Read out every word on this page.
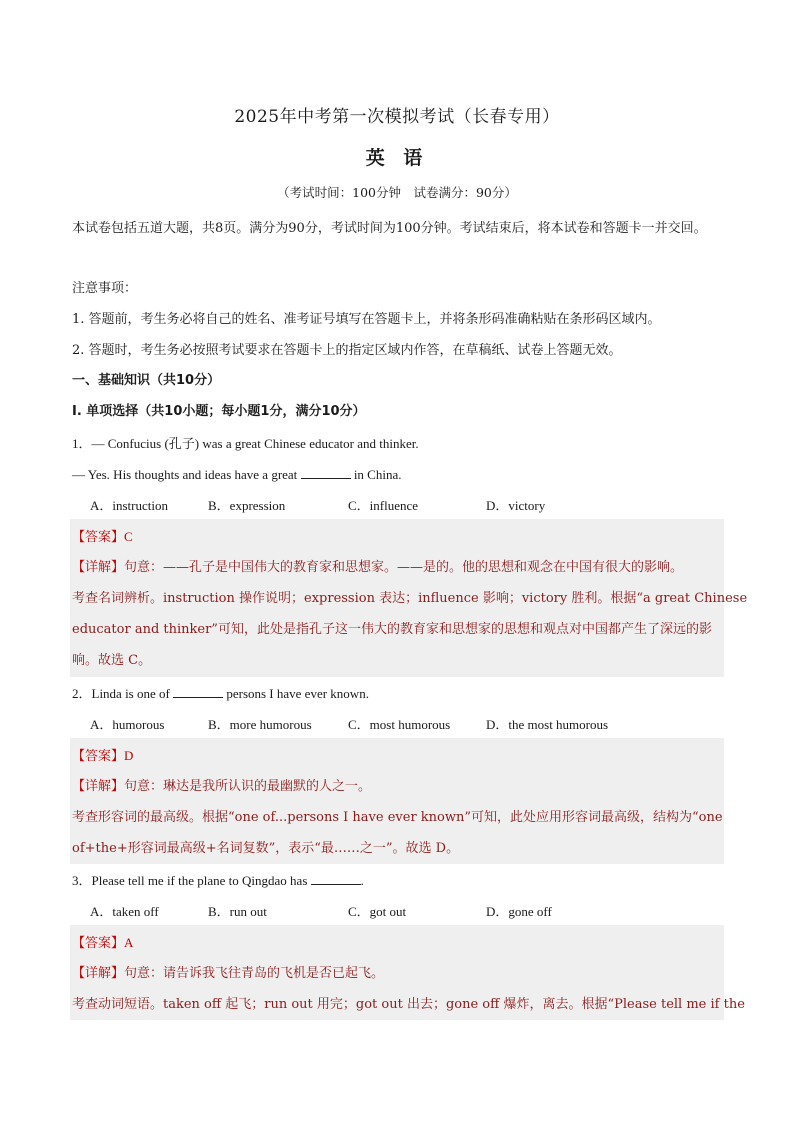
2025年中考第一次模拟考试（长春专用）
英 语
（考试时间：100分钟　试卷满分：90分）
本试卷包括五道大题，共8页。满分为90分，考试时间为100分钟。考试结束后，将本试卷和答题卡一并交回。
注意事项：
1. 答题前，考生务必将自己的姓名、准考证号填写在答题卡上，并将条形码准确粘贴在条形码区域内。
2. 答题时，考生务必按照考试要求在答题卡上的指定区域内作答，在草稿纸、试卷上答题无效。
一、基础知识（共10分）
Ⅰ. 单项选择（共10小题；每小题1分，满分10分）
1．— Confucius (孔子) was a great Chinese educator and thinker.
— Yes. His thoughts and ideas have a great	in China.
A．instruction	B．expression	C．influence	D．victory
【答案】C
【详解】句意：——孔子是中国伟大的教育家和思想家。——是的。他的思想和观念在中国有很大的影响。
考查名词辨析。instruction 操作说明；expression 表达；influence 影响；victory 胜利。根据“a great Chinese
educator and thinker”可知，此处是指孔子这一伟大的教育家和思想家的思想和观点对中国都产生了深远的影
响。故选 C。
2．Linda is one of	persons I have ever known.
A．humorous	B．more humorous	C．most humorous	D．the most humorous
【答案】D
【详解】句意：琳达是我所认识的最幽默的人之一。
考查形容词的最高级。根据“one of...persons I have ever known”可知，此处应用形容词最高级，结构为“one
of+the+形容词最高级+名词复数”，表示“最……之一”。故选 D。
3．Please tell me if the plane to Qingdao has	.
A．taken off	B．run out	C．got out	D．gone off
【答案】A
【详解】句意：请告诉我飞往青岛的飞机是否已起飞。
考查动词短语。taken off 起飞；run out 用完；got out 出去；gone off 爆炸，离去。根据“Please tell me if the
